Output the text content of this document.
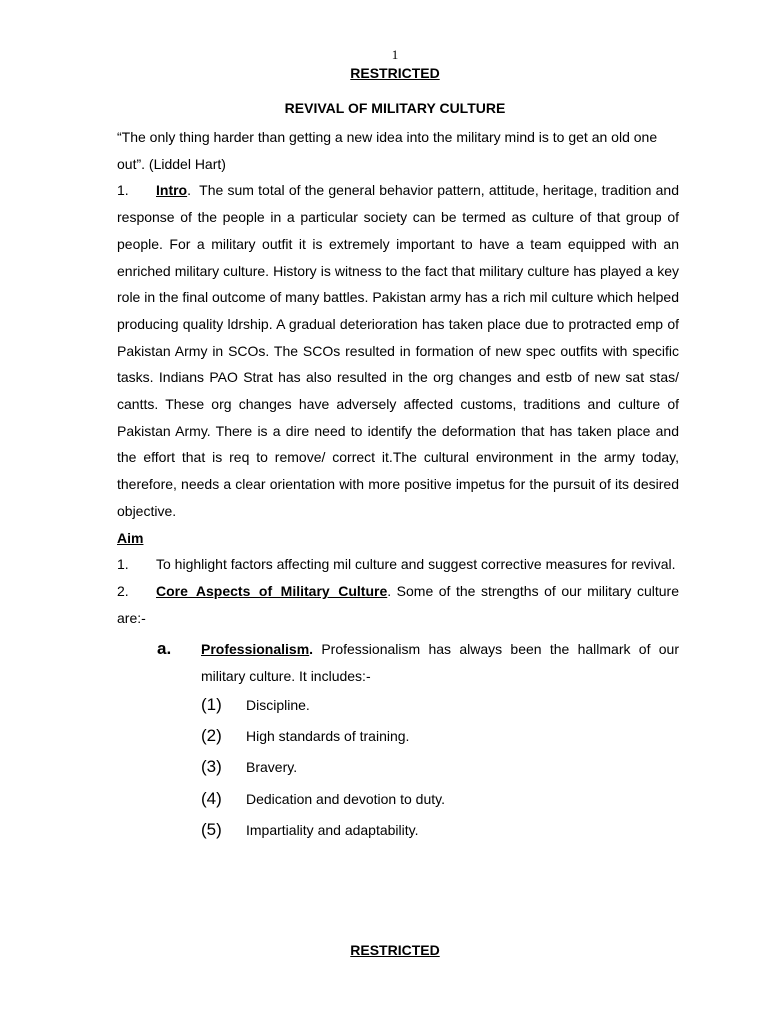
1
RESTRICTED
REVIVAL OF MILITARY CULTURE

“The only thing harder than getting a new idea into the military mind is to get an old one out”. (Liddel Hart)

1. Intro. The sum total of the general behavior pattern, attitude, heritage, tradition and response of the people in a particular society can be termed as culture of that group of people. For a military outfit it is extremely important to have a team equipped with an enriched military culture. History is witness to the fact that military culture has played a key role in the final outcome of many battles. Pakistan army has a rich mil culture which helped producing quality ldrship. A gradual deterioration has taken place due to protracted emp of Pakistan Army in SCOs. The SCOs resulted in formation of new spec outfits with specific tasks. Indians PAO Strat has also resulted in the org changes and estb of new sat stas/ cantts. These org changes have adversely affected customs, traditions and culture of Pakistan Army. There is a dire need to identify the deformation that has taken place and the effort that is req to remove/ correct it.The cultural environment in the army today, therefore, needs a clear orientation with more positive impetus for the pursuit of its desired objective.

Aim

1. To highlight factors affecting mil culture and suggest corrective measures for revival.

2. Core Aspects of Military Culture. Some of the strengths of our military culture are:-

a.	Professionalism. Professionalism has always been the hallmark of our military culture. It includes:-

(1)	Discipline.
(2)	High standards of training.
(3)	Bravery.
(4)	Dedication and devotion to duty.
(5)	Impartiality and adaptability.
RESTRICTED
